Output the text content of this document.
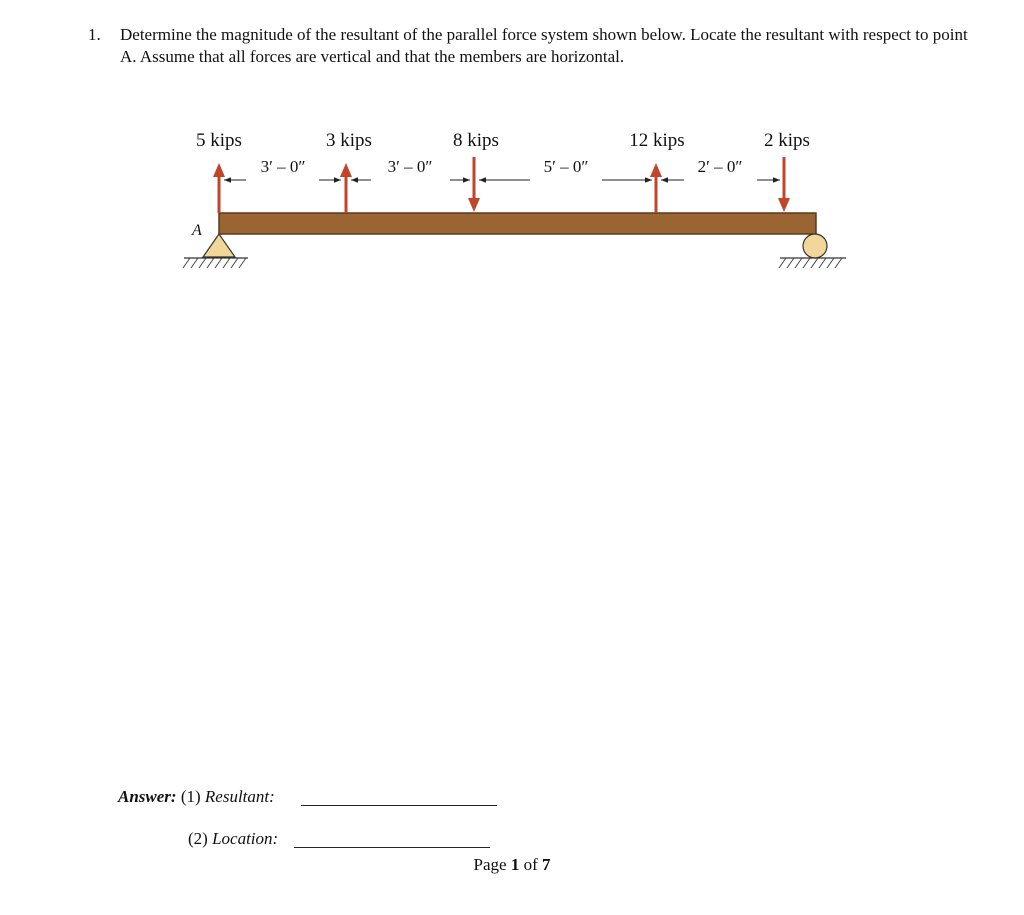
1. Determine the magnitude of the resultant of the parallel force system shown below. Locate the resultant with respect to point A. Assume that all forces are vertical and that the members are horizontal.
A
5 kips	3 kips	8 kips	12 kips	2 kips
3′ – 0″	3′ – 0″	5′ – 0″	2′ – 0″
Answer: (1) Resultant:
(2) Location:
Page 1 of 7
